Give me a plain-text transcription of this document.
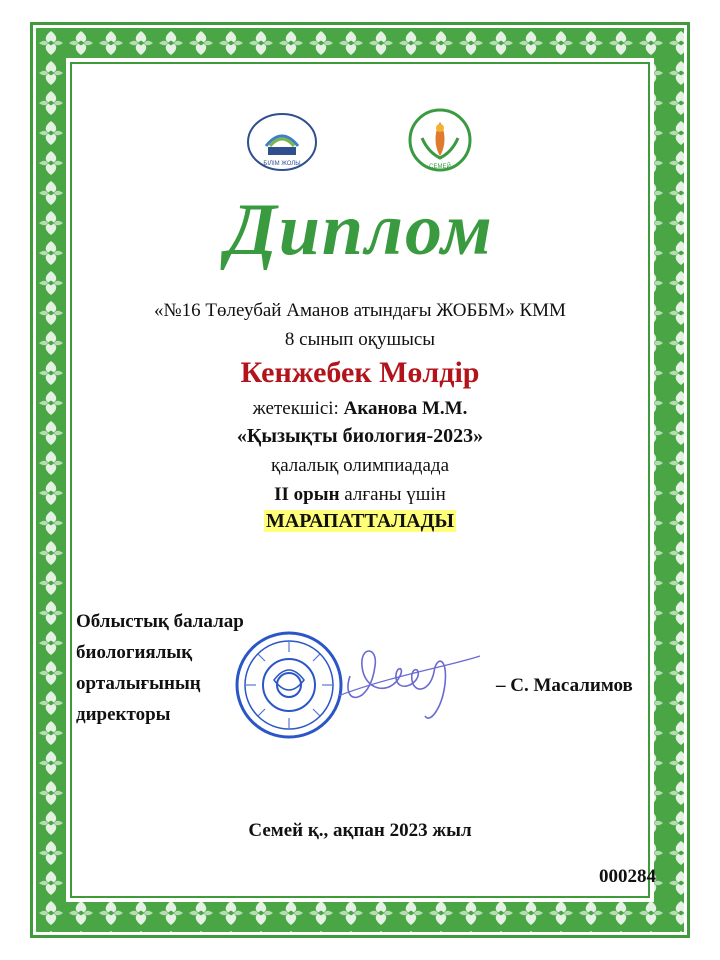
БІЛІМ ЖОЛЫ	СЕМЕЙ
Диплом
«№16 Төлеубай Аманов атындағы ЖОББМ» КММ
8 сынып оқушысы
Кенжебек Мөлдір
жетекшісі: Аканова М.М.
«Қызықты биология-2023»
қалалық олимпиадада
II орын алғаны үшін
МАРАПАТТАЛАДЫ
Облыстық балалар
биологиялық
орталығының
директоры
– С. Масалимов
Семей қ., ақпан 2023 жыл
000284
